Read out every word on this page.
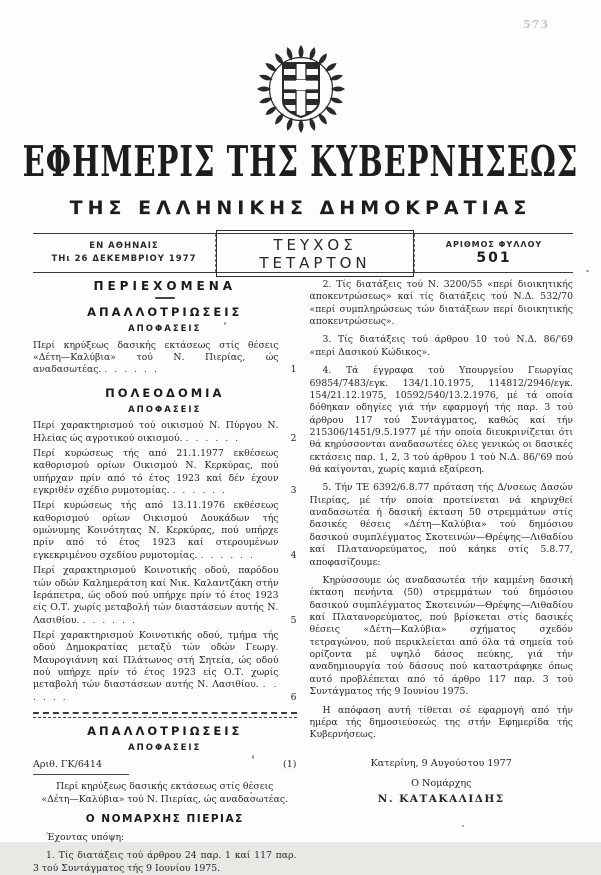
573
ΕΦΗΜΕΡΙΣ ΤΗΣ ΚΥΒΕΡΝΗΣΕΩΣ
ΤΗΣ ΕΛΛΗΝΙΚΗΣ ΔΗΜΟΚΡΑΤΙΑΣ
ΕΝ ΑΘΗΝΑΙΣ
ΤΗι 26 ΔΕΚΕΜΒΡΙΟΥ 1977
ΤΕΥΧΟΣ ΤΕΤΑΡΤΟΝ
ΑΡΙΘΜΟΣ ΦΥΛΛΟΥ
501
ΠΕΡΙΕΧΟΜΕΝΑ
ΑΠΑΛΛΟΤΡΙΩΣΕΙΣ
ΑΠΟΦΑΣΕΙΣ
Περί κηρύξεως δασικής εκτάσεως στίς θέσεις «Δέτη—Καλύβια» τού Ν. Πιερίας, ώς αναδασωτέας. . . . . . .	1
ΠΟΛΕΟΔΟΜΙΑ
ΑΠΟΦΑΣΕΙΣ
Περί χαρακτηρισμού τού οικισμού Ν. Πύργου Ν. Ηλείας ώς αγροτικού οικισμού. . . . . . .	2
Περί κυρώσεως τής από 21.1.1977 εκθέσεως καθορισμού ορίων Οικισμού Ν. Κερκύρας, πού υπήρχαν πρίν από τό έτος 1923 καί δέν έχουν εγκριθέν σχέδιο ρυμοτομίας. . . . . . .	3
Περί κυρώσεως τής από 13.11.1976 εκθέσεως καθορισμού ορίων Οικισμού Δουκάδων τής ομώνυμης Κοινότητας Ν. Κερκύρας, πού υπήρχε πρίν από τό έτος 1923 καί στερουμένων εγκεκριμένου σχεδίου ρυμοτομίας. . . . . . .	4
Περί χαρακτηρισμού Κοινοτικής οδού, παρόδου τών οδών Καλημεράτση καί Νικ. Καλαντζάκη στήν Ιεράπετρα, ώς οδού πού υπήρχε πρίν τό έτος 1923 είς Ο.Τ. χωρίς μεταβολή τών διαστάσεων αυτής Ν. Λασιθίου. . . . . . .	5
Περί χαρακτηρισμού Κοινοτικής οδού, τμήμα τής οδού Δημοκρατίας μεταξύ τών οδών Γεωργ. Μαυρογιάννη καί Πλάτωνος στή Σητεία, ώς οδού πού υπήρχε πρίν τό έτος 1923 είς Ο.Τ. χωρίς μεταβολή τών διαστάσεων αυτής Ν. Λασιθίου. . . . . . .	6
ΑΠΑΛΛΟΤΡΙΩΣΕΙΣ
ΑΠΟΦΑΣΕΙΣ
Αριθ. ΓΚ/6414	(1)
Περί κηρύξεως δασικής εκτάσεως στίς θέσεις «Δέτη—Καλύβια» τού Ν. Πιερίας, ώς αναδασωτέας.
Ο ΝΟΜΑΡΧΗΣ ΠΙΕΡΙΑΣ
Έχοντας υπόψη:
1. Τίς διατάξεις τού άρθρου 24 παρ. 1 καί 117 παρ. 3 τού Συντάγματος τής 9 Ιουνίου 1975.
2. Τίς διατάξεις τού Ν. 3200/55 «περί διοικητικής αποκεντρώσεως» καί τίς διατάξεις τού Ν.Δ. 532/70 «περί συμπληρώσεως τών διατάξεων περί διοικητικής αποκεντρώσεως».
3. Τίς διατάξεις τού άρθρου 10 τού Ν.Δ. 86/'69 «περί Δασικού Κώδικος».
4. Τά έγγραφα τού Υπουργείου Γεωργίας 69854/7483/εγκ. 134/1.10.1975, 114812/2946/εγκ. 154/21.12.1975, 10592/540/13.2.1976, μέ τά οποία δόθηκαν οδηγίες γιά τήν εφαρμογή τής παρ. 3 τού άρθρου 117 τού Συντάγματος, καθώς καί τήν 215306/1451/9.5.1977 μέ τήν οποία διευκρινίζεται ότι θά κηρύσσονται αναδασωτέες όλες γενικώς οι δασικές εκτάσεις παρ. 1, 2, 3 τού άρθρου 1 τού Ν.Δ. 86/'69 πού θά καίγονται, χωρίς καμιά εξαίρεση.
5. Τήν ΤΕ 6392/6.8.77 πρόταση τής Δ/νσεως Δασών Πιερίας, μέ τήν οποία προτείνεται νά κηρυχθεί αναδασωτέα ή δασική έκταση 50 στρεμμάτων στίς δασικές θέσεις «Δέτη—Καλύβια» τού δημόσιου δασικού συμπλέγματος Σκοτεινών—Θρέψης—Λιθαδίου καί Πλατανορεύματος, πού κάηκε στίς 5.8.77, αποφασίζουμε:
Κηρύσσουμε ώς αναδασωτέα τήν καμμένη δασική έκταση πενήντα (50) στρεμμάτων τού δημόσιου δασικού συμπλέγματος Σκοτεινών—Θρέψης—Λιθαδίου καί Πλατανορεύματος, πού βρίσκεται στίς δασικές θέσεις «Δέτη—Καλύβια» σχήματος σχεδόν τετραγώνου, πού περικλείεται από όλα τά σημεία τού ορίζοντα μέ υψηλό δάσος πεύκης, γιά τήν αναδημιουργία τού δάσους πού καταστράφηκε όπως αυτό προβλέπεται από τό άρθρο 117 παρ. 3 τού Συντάγματος τής 9 Ιουνίου 1975.
Η απόφαση αυτή τίθεται σέ εφαρμογή από τήν ημέρα τής δημοσιεύσεώς της στήν Εφημερίδα τής Κυβερνήσεως.
Κατερίνη, 9 Αυγούστου 1977
Ο Νομάρχης
Ν. ΚΑΤΑΚΑΛΙΔΗΣ
